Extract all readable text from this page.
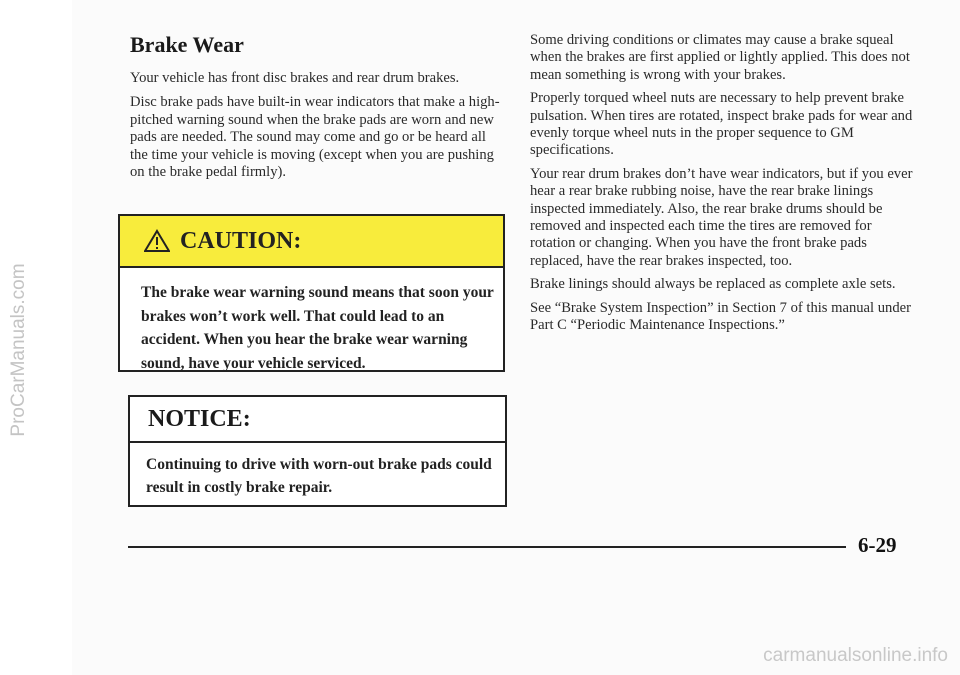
ProCarManuals.com
Brake Wear

Your vehicle has front disc brakes and rear drum brakes.

Disc brake pads have built-in wear indicators that make a high-pitched warning sound when the brake pads are worn and new pads are needed. The sound may come and go or be heard all the time your vehicle is moving (except when you are pushing on the brake pedal firmly).

CAUTION:
The brake wear warning sound means that soon your brakes won’t work well. That could lead to an accident. When you hear the brake wear warning sound, have your vehicle serviced.
NOTICE:
Continuing to drive with worn-out brake pads could result in costly brake repair.

Some driving conditions or climates may cause a brake squeal when the brakes are first applied or lightly applied. This does not mean something is wrong with your brakes.

Properly torqued wheel nuts are necessary to help prevent brake pulsation. When tires are rotated, inspect brake pads for wear and evenly torque wheel nuts in the proper sequence to GM specifications.

Your rear drum brakes don’t have wear indicators, but if you ever hear a rear brake rubbing noise, have the rear brake linings inspected immediately. Also, the rear brake drums should be removed and inspected each time the tires are removed for rotation or changing. When you have the front brake pads replaced, have the rear brakes inspected, too.

Brake linings should always be replaced as complete axle sets.

See “Brake System Inspection” in Section 7 of this manual under Part C “Periodic Maintenance Inspections.”

6-29
carmanualsonline.info
